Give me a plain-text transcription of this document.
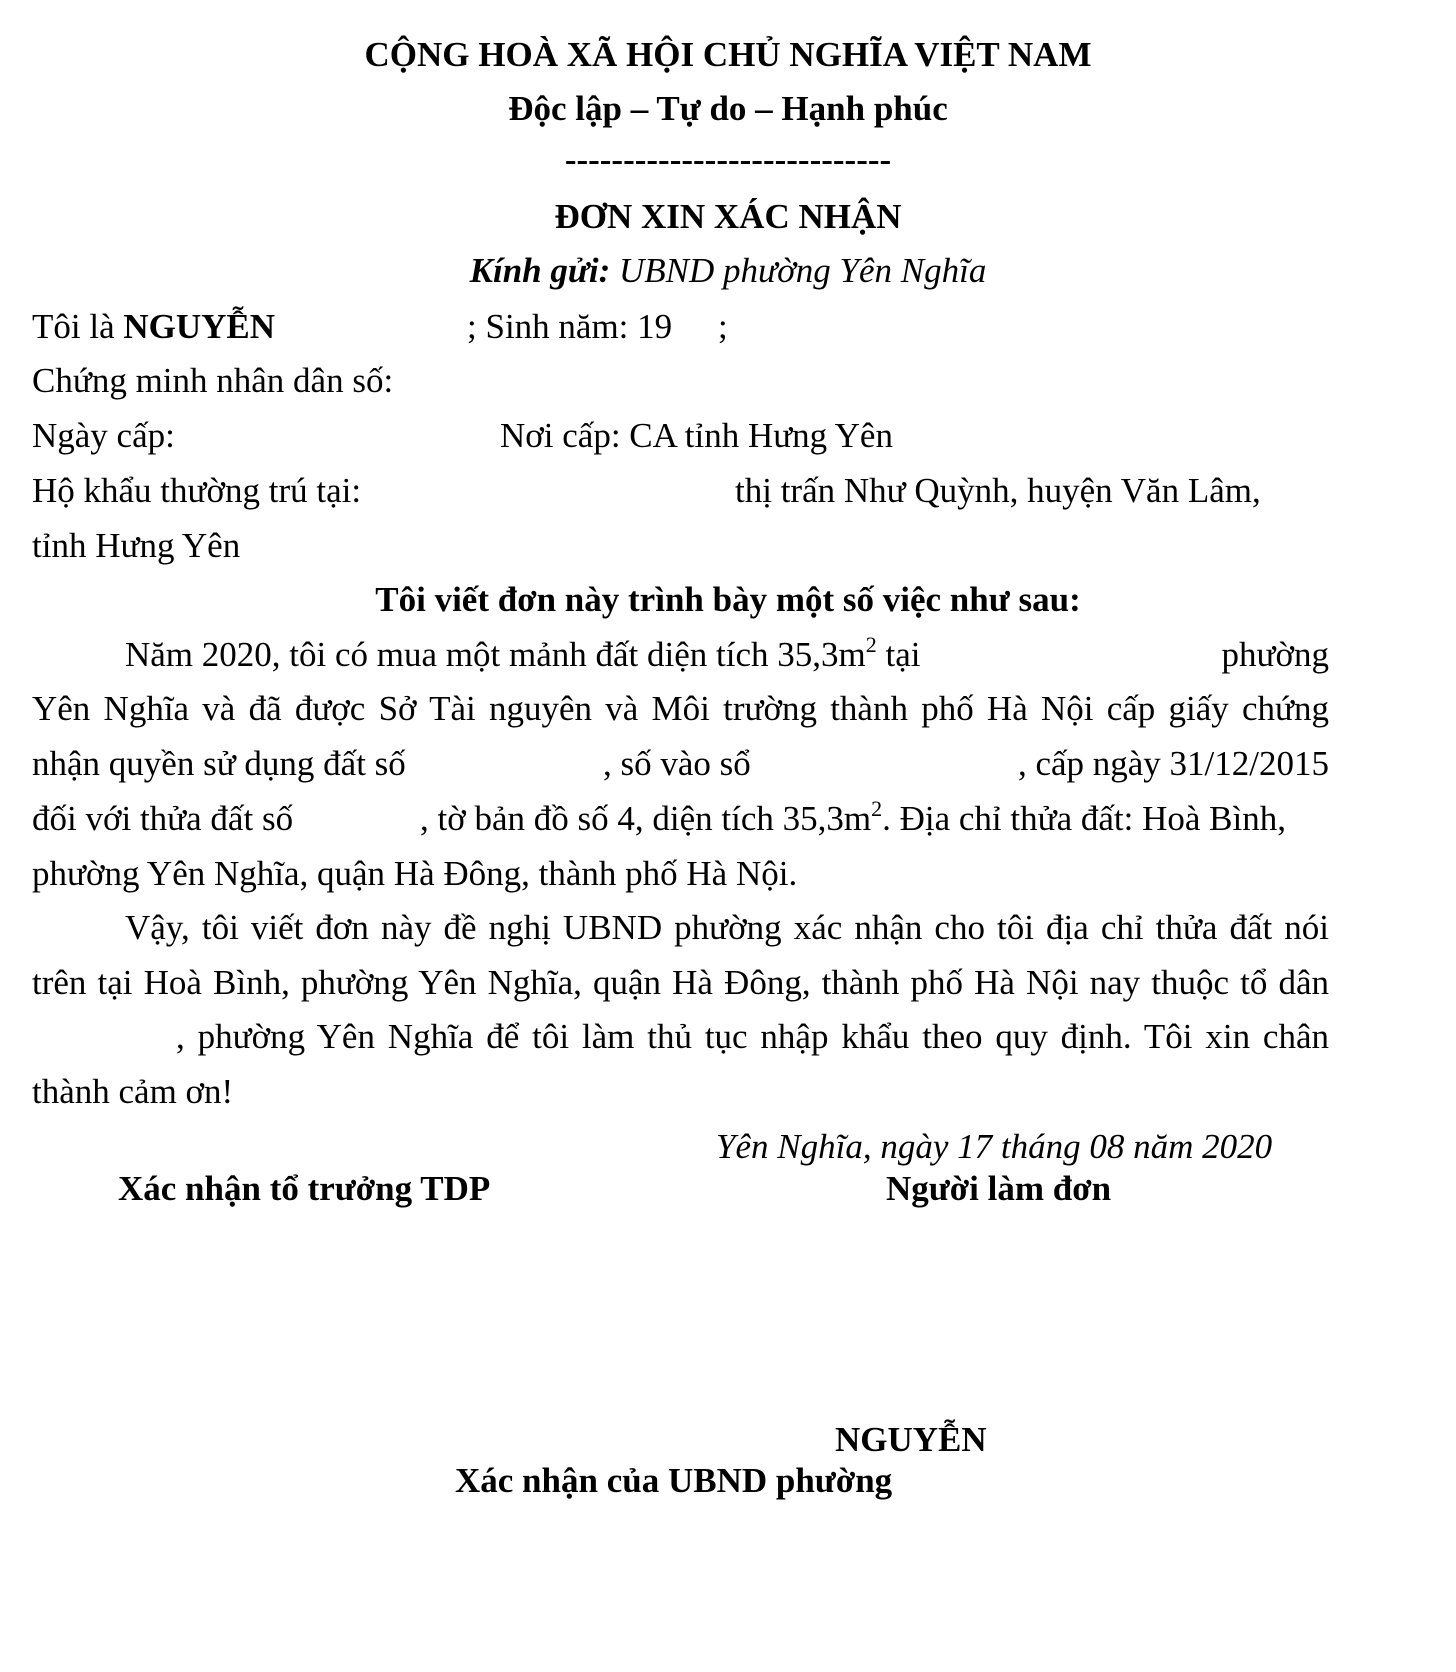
CỘNG HOÀ XÃ HỘI CHỦ NGHĨA VIỆT NAM
Độc lập – Tự do – Hạnh phúc
----------------------------
ĐƠN XIN XÁC NHẬN
Kính gửi: UBND phường Yên Nghĩa
Tôi là NGUYỄN	; Sinh năm: 19 ;
Chứng minh nhân dân số:
Ngày cấp:	Nơi cấp: CA tỉnh Hưng Yên
Hộ khẩu thường trú tại:	thị trấn Như Quỳnh, huyện Văn Lâm,
tỉnh Hưng Yên
Tôi viết đơn này trình bày một số việc như sau:
Năm 2020, tôi có mua một mảnh đất diện tích $35,3m^2$ tại	phường
Yên Nghĩa và đã được Sở Tài nguyên và Môi trường thành phố Hà Nội cấp giấy chứng
nhận quyền sử dụng đất số	, số vào sổ	, cấp ngày 31/12/2015
đối với thửa đất số	, tờ bản đồ số 4, diện tích $35,3m^2$. Địa chỉ thửa đất: Hoà Bình,
phường Yên Nghĩa, quận Hà Đông, thành phố Hà Nội.
Vậy, tôi viết đơn này đề nghị UBND phường xác nhận cho tôi địa chỉ thửa đất nói
trên tại Hoà Bình, phường Yên Nghĩa, quận Hà Đông, thành phố Hà Nội nay thuộc tổ dân
, phường Yên Nghĩa để tôi làm thủ tục nhập khẩu theo quy định. Tôi xin chân
thành cảm ơn!
Yên Nghĩa, ngày 17 tháng 08 năm 2020
Xác nhận tổ trưởng TDP	Người làm đơn
NGUYỄN
Xác nhận của UBND phường
